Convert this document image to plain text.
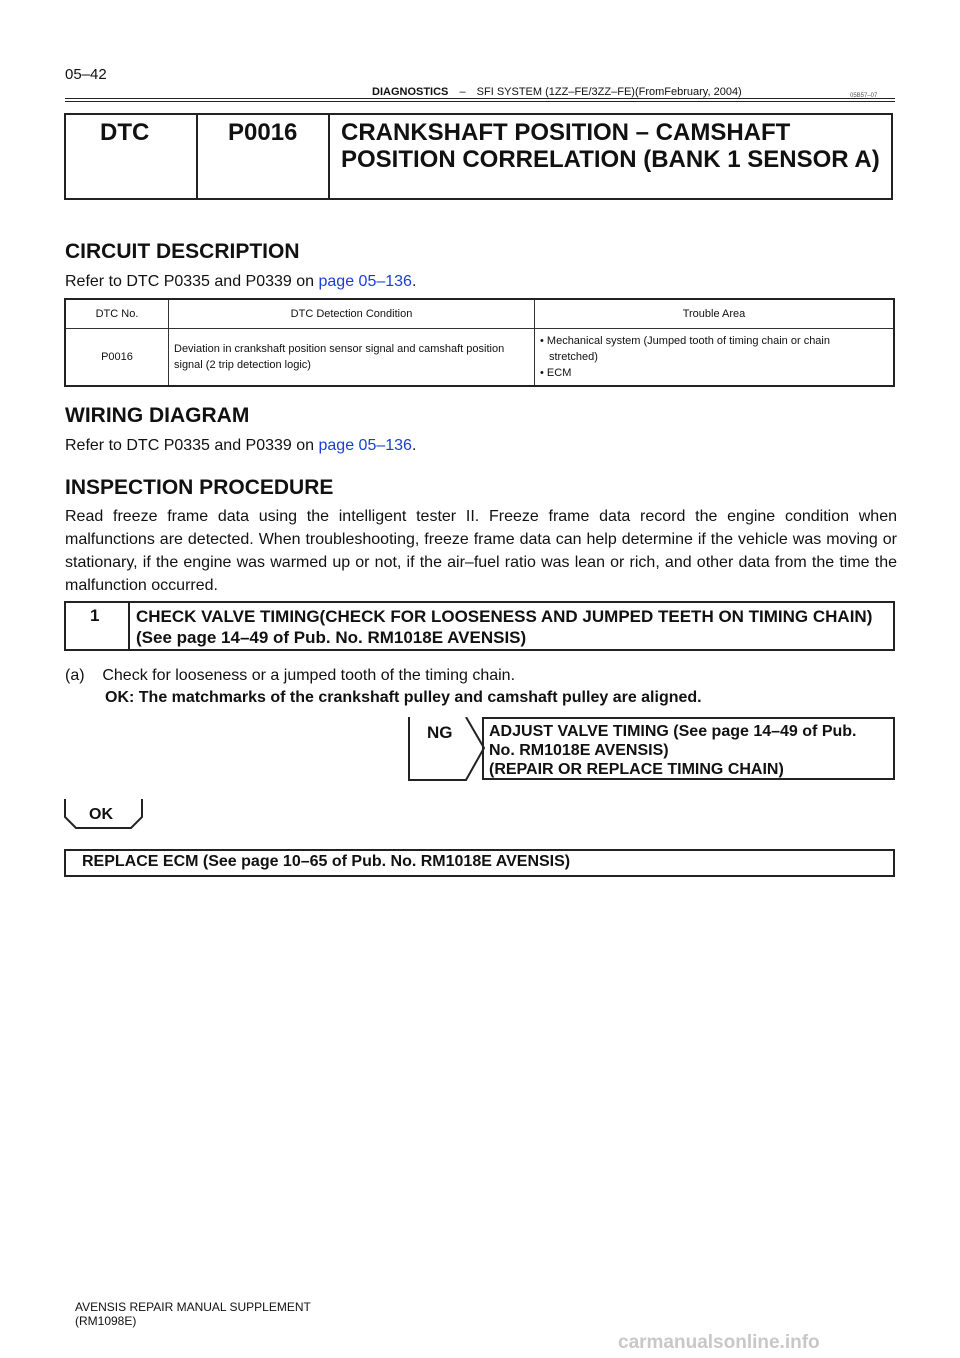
05–42
DIAGNOSTICS – SFI SYSTEM (1ZZ–FE/3ZZ–FE)(FromFebruary, 2004)	05B57–07
DTC	P0016 CRANKSHAFT POSITION – CAMSHAFT POSITION CORRELATION (BANK 1 SENSOR A)
CIRCUIT DESCRIPTION
Refer to DTC P0335 and P0339 on page 05–136.
DTC No.	DTC Detection Condition	Trouble Area
P0016	Deviation in crankshaft position sensor signal and camshaft position signal (2 trip detection logic)	• Mechanical system (Jumped tooth of timing chain or chain
stretched)
• ECM
WIRING DIAGRAM
Refer to DTC P0335 and P0339 on page 05–136.
INSPECTION PROCEDURE
Read freeze frame data using the intelligent tester II. Freeze frame data record the engine condition when malfunctions are detected. When troubleshooting, freeze frame data can help determine if the vehicle was moving or stationary, if the engine was warmed up or not, if the air–fuel ratio was lean or rich, and other data from the time the malfunction occurred.
1 CHECK VALVE TIMING(CHECK FOR LOOSENESS AND JUMPED TEETH ON TIMING CHAIN) (See page 14–49 of Pub. No. RM1018E AVENSIS)
(a)    Check for looseness or a jumped tooth of the timing chain.
OK: The matchmarks of the crankshaft pulley and camshaft pulley are aligned.
NG ADJUST VALVE TIMING (See page 14–49 of Pub.
No. RM1018E AVENSIS)
(REPAIR OR REPLACE TIMING CHAIN)
OK
REPLACE ECM (See page 10–65 of Pub. No. RM1018E AVENSIS)
AVENSIS REPAIR MANUAL SUPPLEMENT
(RM1098E)
carmanualsonline.info
